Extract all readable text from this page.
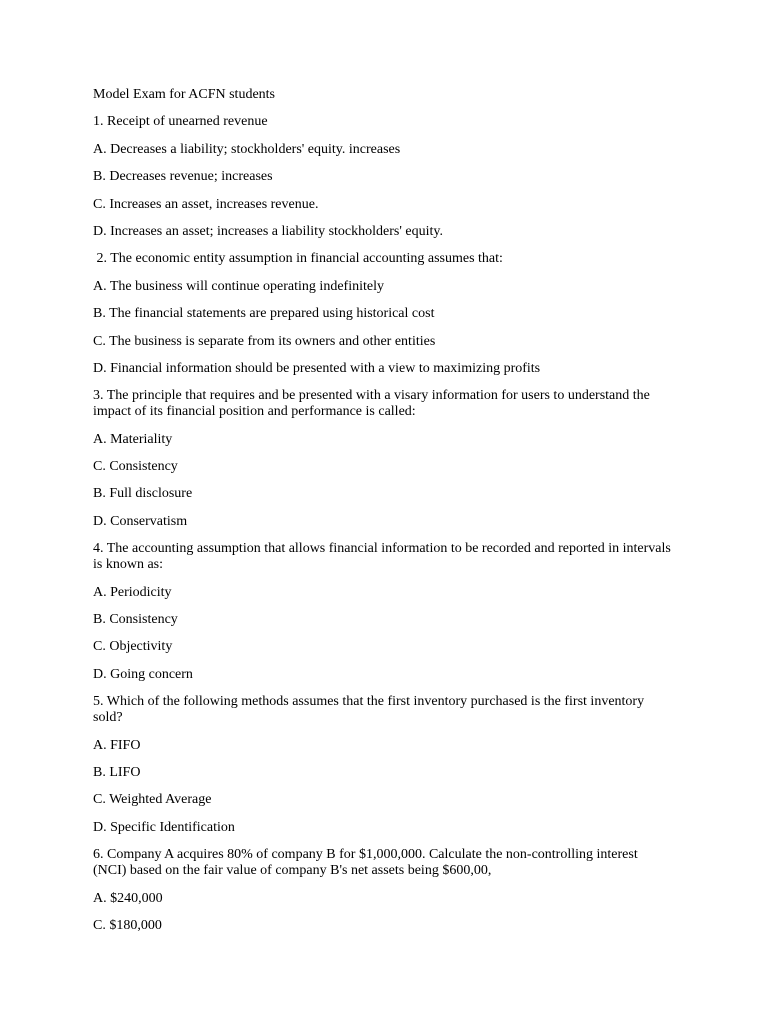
Model Exam for ACFN students
1. Receipt of unearned revenue
A. Decreases a liability; stockholders' equity. increases
B. Decreases revenue; increases
C. Increases an asset, increases revenue.
D. Increases an asset; increases a liability stockholders' equity.
2. The economic entity assumption in financial accounting assumes that:
A. The business will continue operating indefinitely
B. The financial statements are prepared using historical cost
C. The business is separate from its owners and other entities
D. Financial information should be presented with a view to maximizing profits
3. The principle that requires and be presented with a visary information for users to understand the impact of its financial position and performance is called:
A. Materiality
C. Consistency
B. Full disclosure
D. Conservatism
4. The accounting assumption that allows financial information to be recorded and reported in intervals is known as:
A. Periodicity
B. Consistency
C. Objectivity
D. Going concern
5. Which of the following methods assumes that the first inventory purchased is the first inventory sold?
A. FIFO
B. LIFO
C. Weighted Average
D. Specific Identification
6. Company A acquires 80% of company B for $1,000,000. Calculate the non-controlling interest (NCI) based on the fair value of company B's net assets being $600,00,
A. $240,000
C. $180,000
